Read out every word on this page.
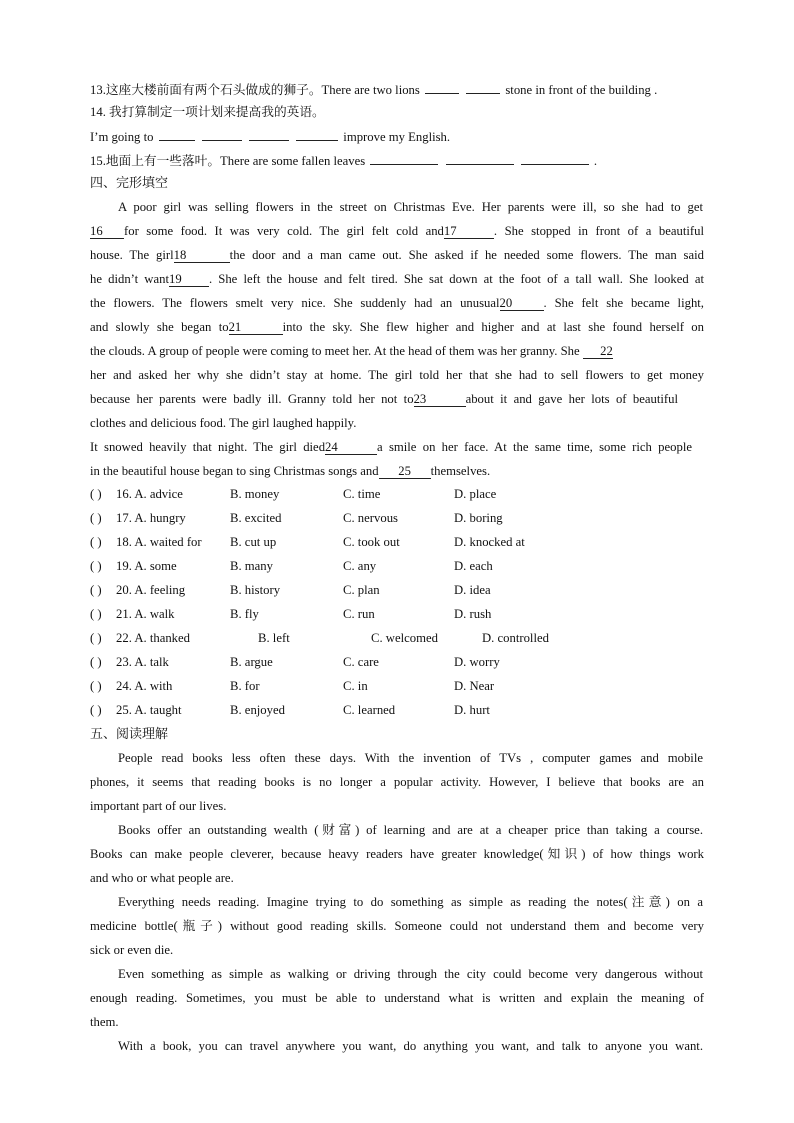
13.这座大楼前面有两个石头做成的狮子。There are two lions	stone in front of the building .
14. 我打算制定一项计划来提高我的英语。
I’m going to	improve my English.
15.地面上有一些落叶。There are some fallen leaves	.
四、完形填空
A poor girl was selling flowers in the street on Christmas Eve. Her parents were ill, so she had to get
16 for some food. It was very cold. The girl felt cold and17	. She stopped in front of a beautiful
house. The girl18	the door and a man came out. She asked if he needed some flowers. The man said
he didn’t want19 . She left the house and felt tired. She sat down at the foot of a tall wall. She looked at
the flowers. The flowers smelt very nice. She suddenly had an unusual20 . She felt she became light,
and slowly she began to21	into the sky. She flew higher and higher and at last she found herself on
the clouds. A group of people were coming to meet her. At the head of them was her granny. She 22
her and asked her why she didn’t stay at home. The girl told her that she had to sell flowers to get money
because her parents were badly ill. Granny told her not to23	about it and gave her lots of beautiful
clothes and delicious food. The girl laughed happily.
It snowed heavily that night. The girl died24	a smile on her face. At the same time, some rich people
in the beautiful house began to sing Christmas songs and 25 themselves.
( ) 16. A. advice	B. money	C. time	D. place
( ) 17. A. hungry	B. excited	C. nervous	D. boring
( ) 18. A. waited for B. cut up	C. took out	D. knocked at
( ) 19. A. some	B. many	C. any	D. each
( ) 20. A. feeling	B. history	C. plan	D. idea
( ) 21. A. walk	B. fly	C. run	D. rush
( ) 22. A. thanked	B. left	C. welcomed	D. controlled
( ) 23. A. talk	B. argue	C. care	D. worry
( ) 24. A. with	B. for	C. in	D. Near
( ) 25. A. taught	B. enjoyed	C. learned	D. hurt
五、阅读理解
People read books less often these days. With the invention of TVs , computer games and mobile
phones, it seems that reading books is no longer a popular activity. However, I believe that books are an
important part of our lives.
Books offer an outstanding wealth (财富) of learning and are at a cheaper price than taking a course.
Books can make people cleverer, because heavy readers have greater knowledge(知识) of how things work
and who or what people are.
Everything needs reading. Imagine trying to do something as simple as reading the notes(注意) on a
medicine bottle(瓶子) without good reading skills. Someone could not understand them and become very
sick or even die.
Even something as simple as walking or driving through the city could become very dangerous without
enough reading. Sometimes, you must be able to understand what is written and explain the meaning of
them.
With a book, you can travel anywhere you want, do anything you want, and talk to anyone you want.
